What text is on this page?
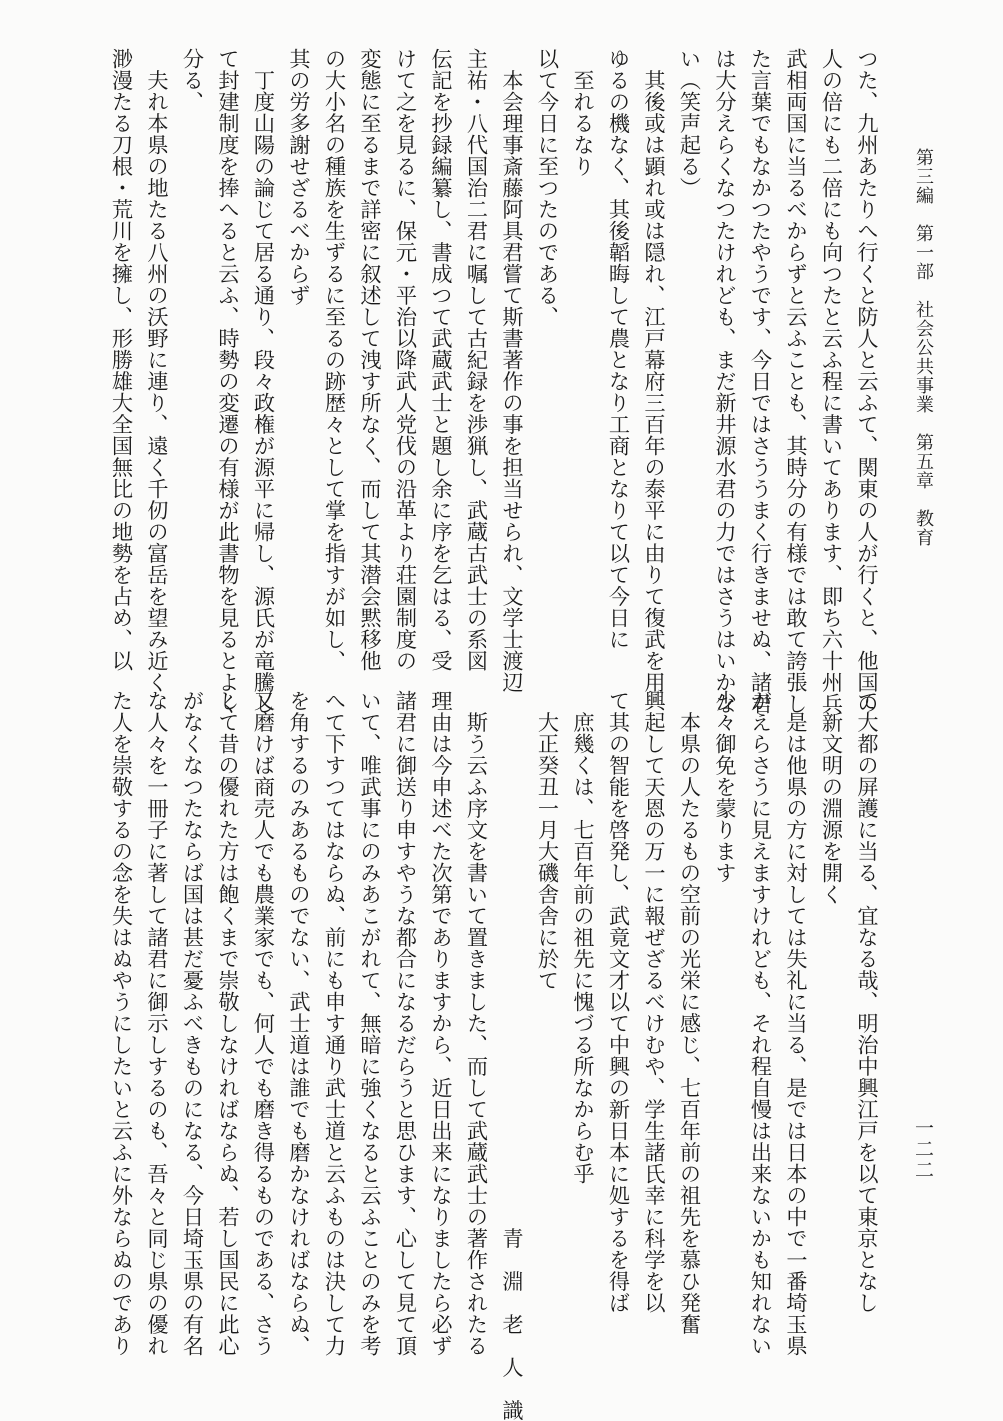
第三編　第一部　社会公共事業　第五章　教育
一二二

つた、九州あたりへ行くと防人と云ふて、関東の人が行くと、他国の

人の倍にも二倍にも向つたと云ふ程に書いてあります、即ち六十州兵

武相両国に当るべからずと云ふことも、其時分の有様では敢て誇張し

た言葉でもなかつたやうです、今日ではさううまく行きませぬ、諸君

は大分えらくなつたけれども、まだ新井源水君の力ではさうはいかな

い（笑声起る）

　其後或は顕れ或は隠れ、江戸幕府三百年の泰平に由りて復武を用

ゆるの機なく、其後韜晦して農となり工商となりて以て今日に

　至れるなり

以て今日に至つたのである、

　本会理事斎藤阿具君嘗て斯書著作の事を担当せられ、文学士渡辺

主祐・八代国治二君に嘱して古紀録を渉猟し、武蔵古武士の系図

伝記を抄録編纂し、書成つて武蔵武士と題し余に序を乞はる、受

けて之を見るに、保元・平治以降武人党伐の沿革より荘園制度の

変態に至るまで詳密に叙述して洩す所なく、而して其潜会黙移他

の大小名の種族を生ずるに至るの跡歴々として掌を指すが如し、

其の労多謝せざるべからず

　丁度山陽の論じて居る通り、段々政権が源平に帰し、源氏が竜騰し

て封建制度を捧へると云ふ、時勢の変遷の有様が此書物を見るとよく

分る、

　夫れ本県の地たる八州の沃野に連り、遠く千仞の富岳を望み近く

渺漫たる刀根・荒川を擁し、形勝雄大全国無比の地勢を占め、以

て大都の屏護に当る、宜なる哉、明治中興江戸を以て東京となし

　新文明の淵源を開く

　是は他県の方に対しては失礼に当る、是では日本の中で一番埼玉県

がえらさうに見えますけれども、それ程自慢は出来ないかも知れない

少々御免を蒙ります

　本県の人たるもの空前の光栄に感じ、七百年前の祖先を慕ひ発奮

興起して天恩の万一に報ぜざるべけむや、学生諸氏幸に科学を以

て其の智能を啓発し、武竟文才以て中興の新日本に処するを得ば

　庶幾くは、七百年前の祖先に愧づる所なからむ乎

　大正癸丑一月大磯舎舎に於て

　　　　　　　　　　　　　　　　　　　　　　　　　青　淵　老　人　識

　斯う云ふ序文を書いて置きました、而して武蔵武士の著作されたる

理由は今申述べた次第でありますから、近日出来になりましたら必ず

諸君に御送り申すやうな都合になるだらうと思ひます、心して見て頂

いて、唯武事にのみあこがれて、無暗に強くなると云ふことのみを考

へて下すつてはならぬ、前にも申す通り武士道と云ふものは決して力

を角するのみあるものでない、武士道は誰でも磨かなければならぬ、

又磨けば商売人でも農業家でも、何人でも磨き得るものである、さう

して昔の優れた方は飽くまで崇敬しなければならぬ、若し国民に此心

がなくなつたならば国は甚だ憂ふべきものになる、今日埼玉県の有名

な人々を一冊子に著して諸君に御示しするのも、吾々と同じ県の優れ

た人を崇敬するの念を失はぬやうにしたいと云ふに外ならぬのであり
